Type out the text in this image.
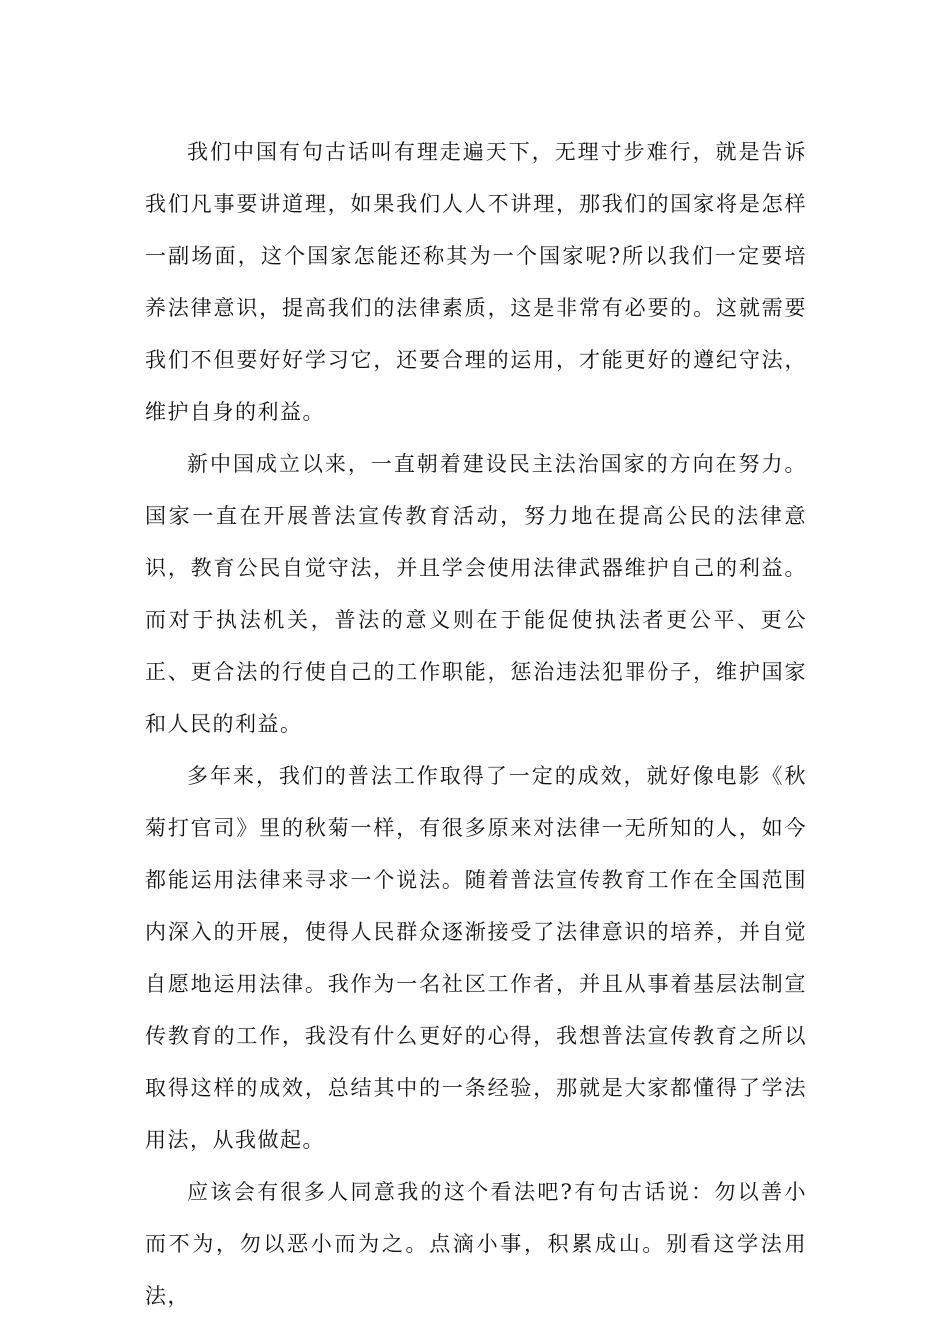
我们中国有句古话叫有理走遍天下，无理寸步难行，就是告诉我们凡事要讲道理，如果我们人人不讲理，那我们的国家将是怎样一副场面，这个国家怎能还称其为一个国家呢?所以我们一定要培养法律意识，提高我们的法律素质，这是非常有必要的。这就需要我们不但要好好学习它，还要合理的运用，才能更好的遵纪守法，维护自身的利益。

新中国成立以来，一直朝着建设民主法治国家的方向在努力。国家一直在开展普法宣传教育活动，努力地在提高公民的法律意识，教育公民自觉守法，并且学会使用法律武器维护自己的利益。而对于执法机关，普法的意义则在于能促使执法者更公平、更公正、更合法的行使自己的工作职能，惩治违法犯罪份子，维护国家和人民的利益。

多年来，我们的普法工作取得了一定的成效，就好像电影《秋菊打官司》里的秋菊一样，有很多原来对法律一无所知的人，如今都能运用法律来寻求一个说法。随着普法宣传教育工作在全国范围内深入的开展，使得人民群众逐渐接受了法律意识的培养，并自觉自愿地运用法律。我作为一名社区工作者，并且从事着基层法制宣传教育的工作，我没有什么更好的心得，我想普法宣传教育之所以取得这样的成效，总结其中的一条经验，那就是大家都懂得了学法用法，从我做起。

应该会有很多人同意我的这个看法吧?有句古话说：勿以善小而不为，勿以恶小而为之。点滴小事，积累成山。别看这学法用法，
